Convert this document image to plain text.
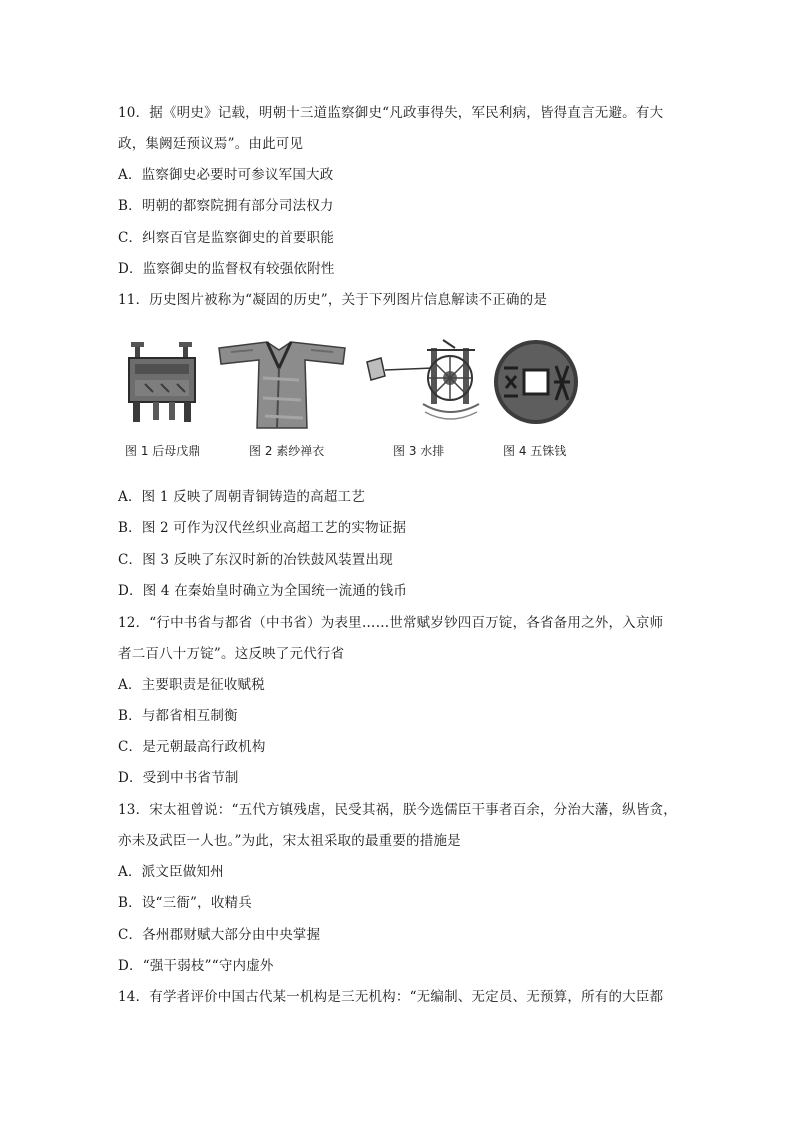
10．据《明史》记载，明朝十三道监察御史“凡政事得失，军民利病，皆得直言无避。有大
政，集阙廷预议焉”。由此可见
A．监察御史必要时可参议军国大政
B．明朝的都察院拥有部分司法权力
C．纠察百官是监察御史的首要职能
D．监察御史的监督权有较强依附性
11．历史图片被称为“凝固的历史”，关于下列图片信息解读不正确的是
图 1 后母戊鼎	图 2 素纱禅衣	图 3 水排	图 4 五铢钱
A．图 1 反映了周朝青铜铸造的高超工艺
B．图 2 可作为汉代丝织业高超工艺的实物证据
C．图 3 反映了东汉时新的冶铁鼓风装置出现
D．图 4 在秦始皇时确立为全国统一流通的钱币
12．“行中书省与都省（中书省）为表里……世常赋岁钞四百万锭，各省备用之外，入京师
者二百八十万锭”。这反映了元代行省
A．主要职责是征收赋税
B．与都省相互制衡
C．是元朝最高行政机构
D．受到中书省节制
13．宋太祖曾说：“五代方镇残虐，民受其祸，朕今选儒臣干事者百余，分治大藩，纵皆贪，
亦未及武臣一人也。”为此，宋太祖采取的最重要的措施是
A．派文臣做知州
B．设“三衙”，收精兵
C．各州郡财赋大部分由中央掌握
D．“强干弱枝”“守内虚外
14．有学者评价中国古代某一机构是三无机构：“无编制、无定员、无预算，所有的大臣都
